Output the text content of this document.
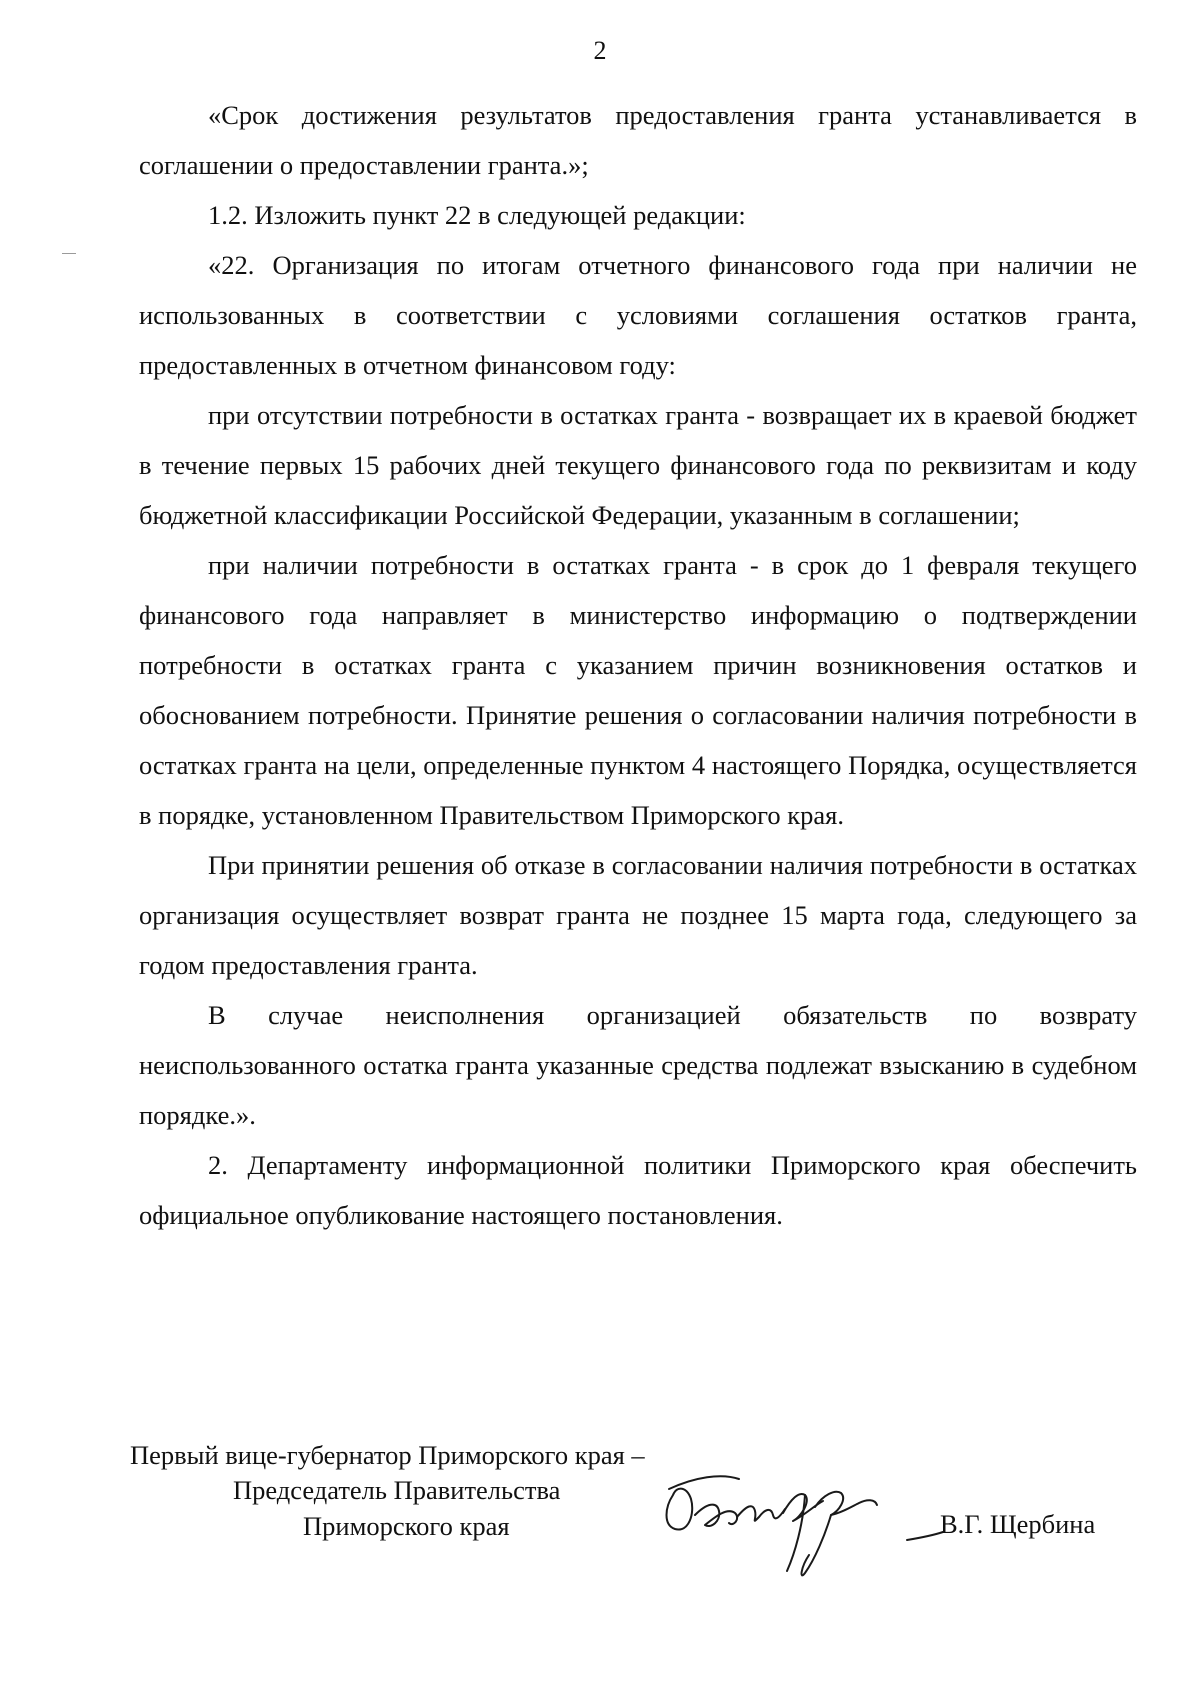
2

«Срок достижения результатов предоставления гранта устанавливается в соглашении о предоставлении гранта.»;

1.2. Изложить пункт 22 в следующей редакции:

«22. Организация по итогам отчетного финансового года при наличии не использованных в соответствии с условиями соглашения остатков гранта, предоставленных в отчетном финансовом году:

при отсутствии потребности в остатках гранта - возвращает их в краевой бюджет в течение первых 15 рабочих дней текущего финансового года по реквизитам и коду бюджетной классификации Российской Федерации, указанным в соглашении;

при наличии потребности в остатках гранта - в срок до 1 февраля текущего финансового года направляет в министерство информацию о подтверждении потребности в остатках гранта с указанием причин возникновения остатков и обоснованием потребности. Принятие решения о согласовании наличия потребности в остатках гранта на цели, определенные пунктом 4 настоящего Порядка, осуществляется в порядке, установленном Правительством Приморского края.

При принятии решения об отказе в согласовании наличия потребности в остатках организация осуществляет возврат гранта не позднее 15 марта года, следующего за годом предоставления гранта.

В случае неисполнения организацией обязательств по возврату неиспользованного остатка гранта указанные средства подлежат взысканию в судебном порядке.».

2. Департаменту информационной политики Приморского края обеспечить официальное опубликование настоящего постановления.

Первый вице-губернатор Приморского края –
Председатель Правительства
Приморского края	В.Г. Щербина
